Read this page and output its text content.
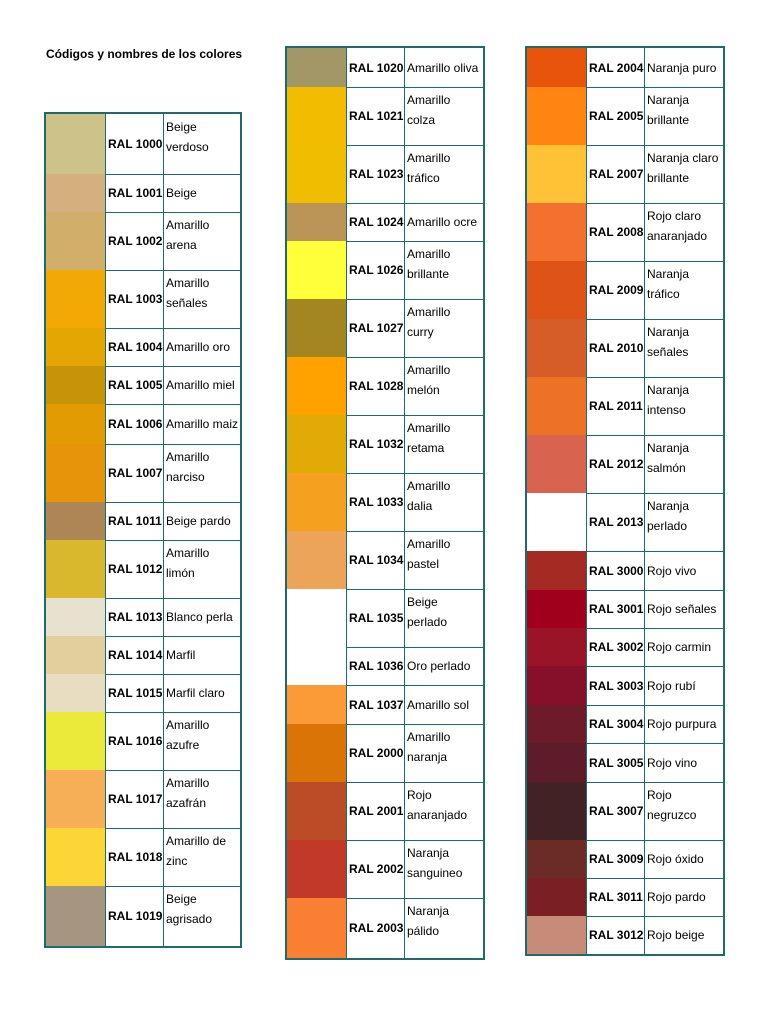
Códigos y nombres de los colores
RAL 1000
Beige
verdoso
RAL 1001 Beige
RAL 1002
Amarillo
arena
RAL 1003
Amarillo
señales
RAL 1004 Amarillo oro
RAL 1005 Amarillo miel
RAL 1006 Amarillo maiz
RAL 1007
Amarillo
narciso
RAL 1011 Beige pardo
RAL 1012
Amarillo
limón
RAL 1013 Blanco perla
RAL 1014 Marfil
RAL 1015 Marfil claro
RAL 1016
Amarillo
azufre
RAL 1017
Amarillo
azafrán
RAL 1018
Amarillo de
zinc
RAL 1019
Beige
agrisado
RAL 1020 Amarillo oliva
RAL 1021
Amarillo
colza
RAL 1023
Amarillo
tráfico
RAL 1024 Amarillo ocre
RAL 1026
Amarillo
brillante
RAL 1027
Amarillo
curry
RAL 1028
Amarillo
melón
RAL 1032
Amarillo
retama
RAL 1033
Amarillo
dalia
RAL 1034
Amarillo
pastel
RAL 1035
Beige
perlado
RAL 1036 Oro perlado
RAL 1037 Amarillo sol
RAL 2000
Amarillo
naranja
RAL 2001
Rojo
anaranjado
RAL 2002
Naranja
sanguineo
RAL 2003
Naranja
pálido
RAL 2004 Naranja puro
RAL 2005
Naranja
brillante
RAL 2007
Naranja claro
brillante
RAL 2008
Rojo claro
anaranjado
RAL 2009
Naranja
tráfico
RAL 2010
Naranja
señales
RAL 2011
Naranja
intenso
RAL 2012
Naranja
salmón
RAL 2013
Naranja
perlado
RAL 3000 Rojo vivo
RAL 3001 Rojo señales
RAL 3002 Rojo carmin
RAL 3003 Rojo rubí
RAL 3004 Rojo purpura
RAL 3005 Rojo vino
RAL 3007
Rojo
negruzco
RAL 3009 Rojo óxido
RAL 3011 Rojo pardo
RAL 3012 Rojo beige
